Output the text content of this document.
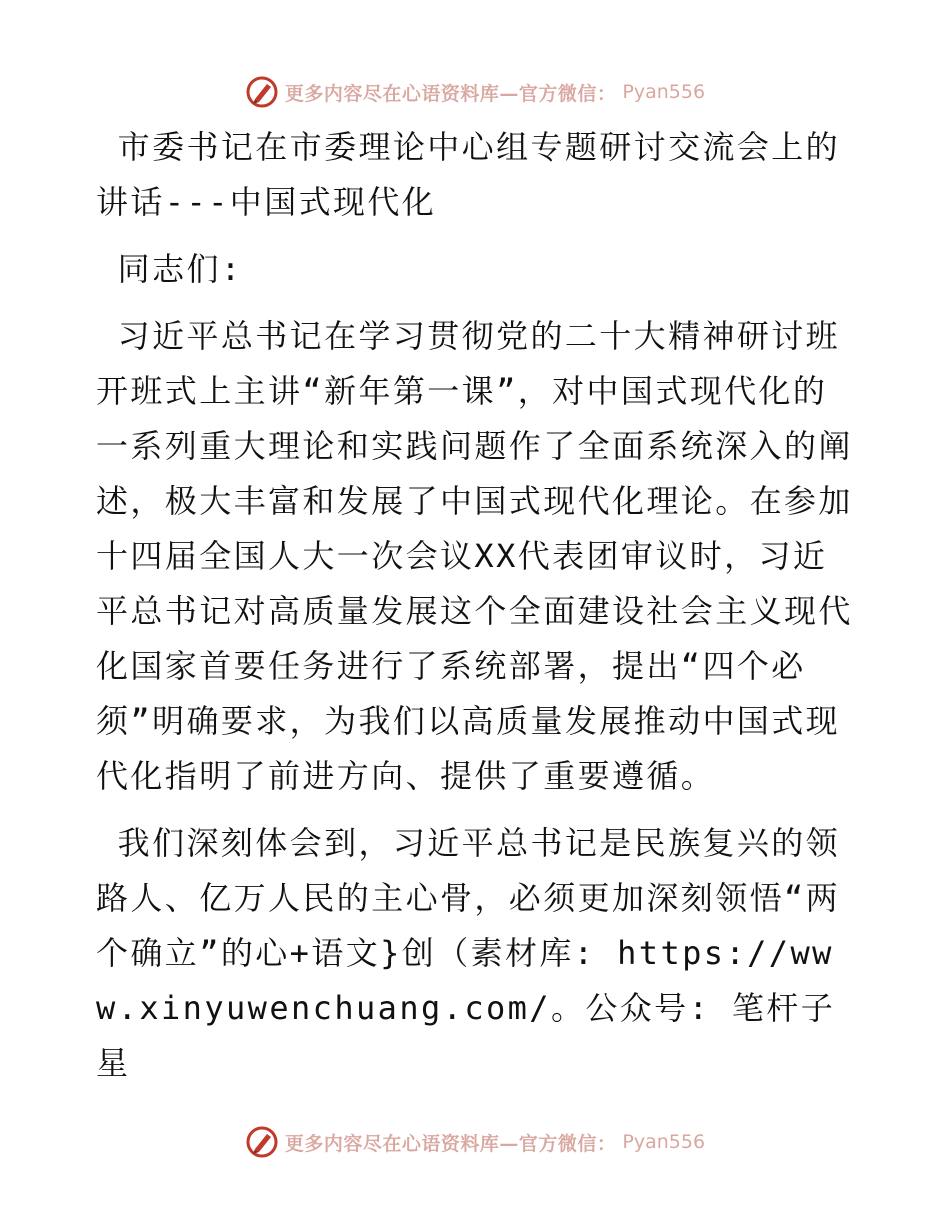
更多内容尽在心语资料库—官方微信： Pyan556

市委书记在市委理论中心组专题研讨交流会上的讲话---中国式现代化

同志们:

习近平总书记在学习贯彻党的二十大精神研讨班开班式上主讲“新年第一课”，对中国式现代化的一系列重大理论和实践问题作了全面系统深入的阐述，极大丰富和发展了中国式现代化理论。在参加十四届全国人大一次会议XX代表团审议时，习近平总书记对高质量发展这个全面建设社会主义现代化国家首要任务进行了系统部署，提出“四个必须”明确要求，为我们以高质量发展推动中国式现代化指明了前进方向、提供了重要遵循。

我们深刻体会到，习近平总书记是民族复兴的领路人、亿万人民的主心骨，必须更加深刻领悟“两个确立”的心+语文}创（素材库: https://www.xinyuwenchuang.com/。公众号: 笔杆子星

更多内容尽在心语资料库—官方微信： Pyan556
